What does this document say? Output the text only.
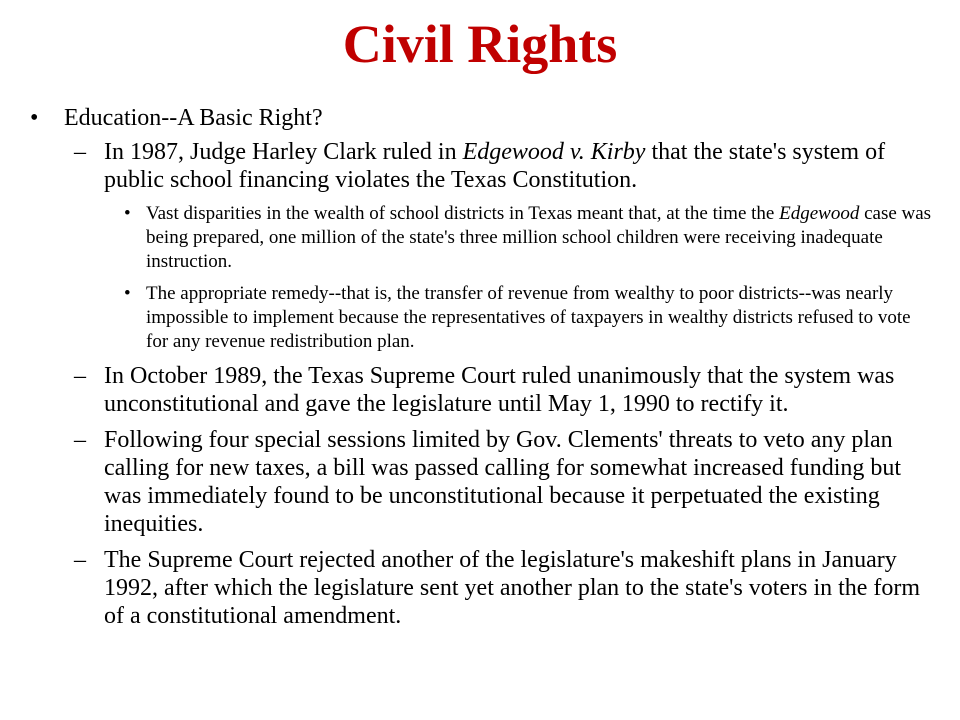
Civil Rights

• Education--A Basic Right?

– In 1987, Judge Harley Clark ruled in Edgewood v. Kirby that the state's system of public school financing violates the Texas Constitution.

• Vast disparities in the wealth of school districts in Texas meant that, at the time the Edgewood case was being prepared, one million of the state's three million school children were receiving inadequate instruction.

• The appropriate remedy--that is, the transfer of revenue from wealthy to poor districts--was nearly impossible to implement because the representatives of taxpayers in wealthy districts refused to vote for any revenue redistribution plan.

– In October 1989, the Texas Supreme Court ruled unanimously that the system was unconstitutional and gave the legislature until May 1, 1990 to rectify it.

– Following four special sessions limited by Gov. Clements' threats to veto any plan calling for new taxes, a bill was passed calling for somewhat increased funding but was immediately found to be unconstitutional because it perpetuated the existing inequities.

– The Supreme Court rejected another of the legislature's makeshift plans in January 1992, after which the legislature sent yet another plan to the state's voters in the form of a constitutional amendment.
